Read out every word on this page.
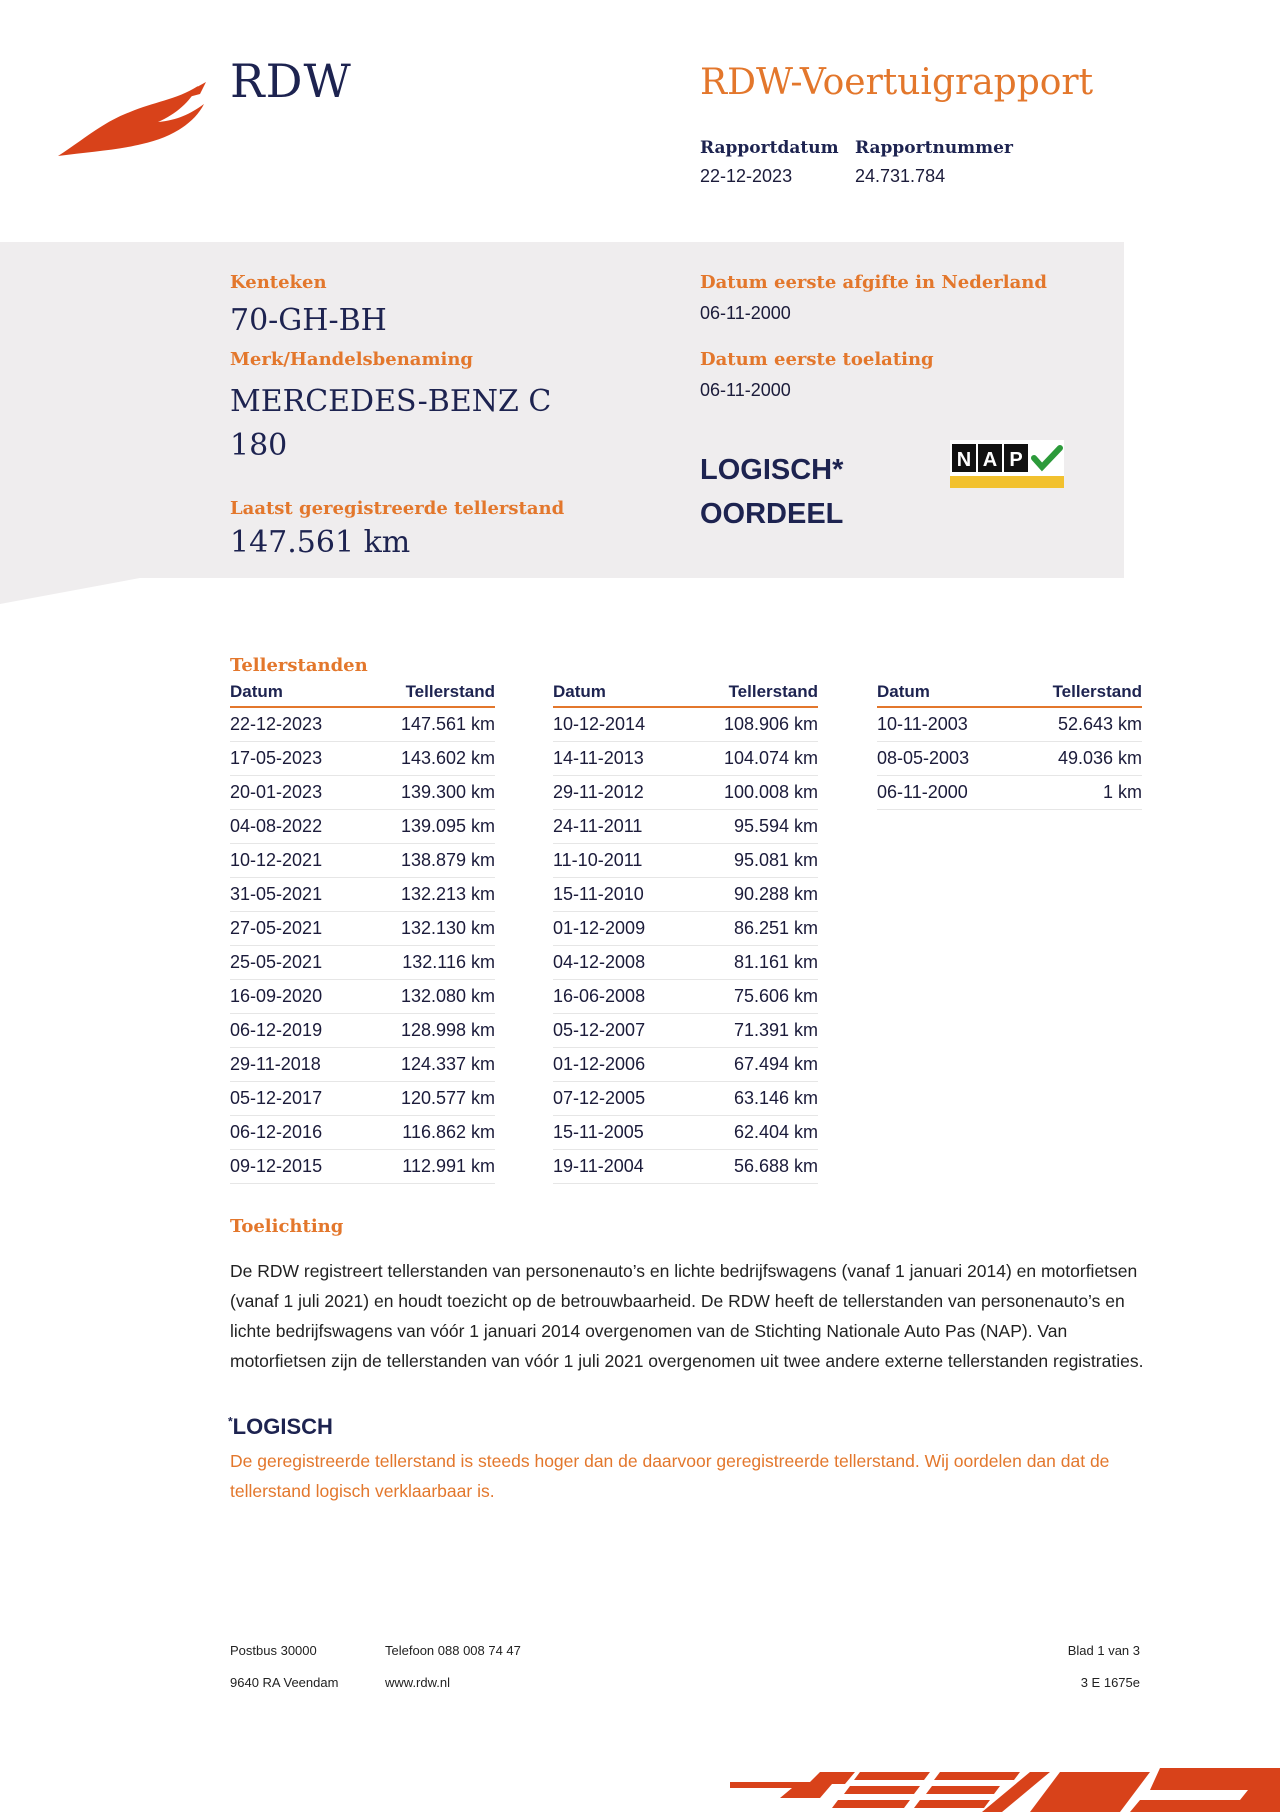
RDW	RDW-Voertuigrapport
Rapportdatum
22-12-2023
Rapportnummer
24.731.784
Kenteken
70-GH-BH
Merk/Handelsbenaming
MERCEDES-BENZ C
180
Laatst geregistreerde tellerstand
147.561 km
Datum eerste afgifte in Nederland
06-11-2000
Datum eerste toelating
06-11-2000
LOGISCH*
OORDEEL
N A P
Tellerstanden
Datum	Tellerstand
22-12-2023	147.561 km
17-05-2023	143.602 km
20-01-2023	139.300 km
04-08-2022	139.095 km
10-12-2021	138.879 km
31-05-2021	132.213 km
27-05-2021	132.130 km
25-05-2021	132.116 km
16-09-2020	132.080 km
06-12-2019	128.998 km
29-11-2018	124.337 km
05-12-2017	120.577 km
06-12-2016	116.862 km
09-12-2015	112.991 km
Datum	Tellerstand
10-12-2014	108.906 km
14-11-2013	104.074 km
29-11-2012	100.008 km
24-11-2011	95.594 km
11-10-2011	95.081 km
15-11-2010	90.288 km
01-12-2009	86.251 km
04-12-2008	81.161 km
16-06-2008	75.606 km
05-12-2007	71.391 km
01-12-2006	67.494 km
07-12-2005	63.146 km
15-11-2005	62.404 km
19-11-2004	56.688 km
Datum	Tellerstand
10-11-2003	52.643 km
08-05-2003	49.036 km
06-11-2000	1 km
Toelichting
De RDW registreert tellerstanden van personenauto’s en lichte bedrijfswagens (vanaf 1 januari 2014) en motorfietsen (vanaf 1 juli 2021) en houdt toezicht op de betrouwbaarheid. De RDW heeft de tellerstanden van personenauto’s en lichte bedrijfswagens van vóór 1 januari 2014 overgenomen van de Stichting Nationale Auto Pas (NAP). Van motorfietsen zijn de tellerstanden van vóór 1 juli 2021 overgenomen uit twee andere externe tellerstanden registraties.
*LOGISCH
De geregistreerde tellerstand is steeds hoger dan de daarvoor geregistreerde tellerstand. Wij oordelen dan dat de tellerstand logisch verklaarbaar is.
Postbus 30000
9640 RA Veendam
Telefoon 088 008 74 47
www.rdw.nl
Blad 1 van 3
3 E 1675e
